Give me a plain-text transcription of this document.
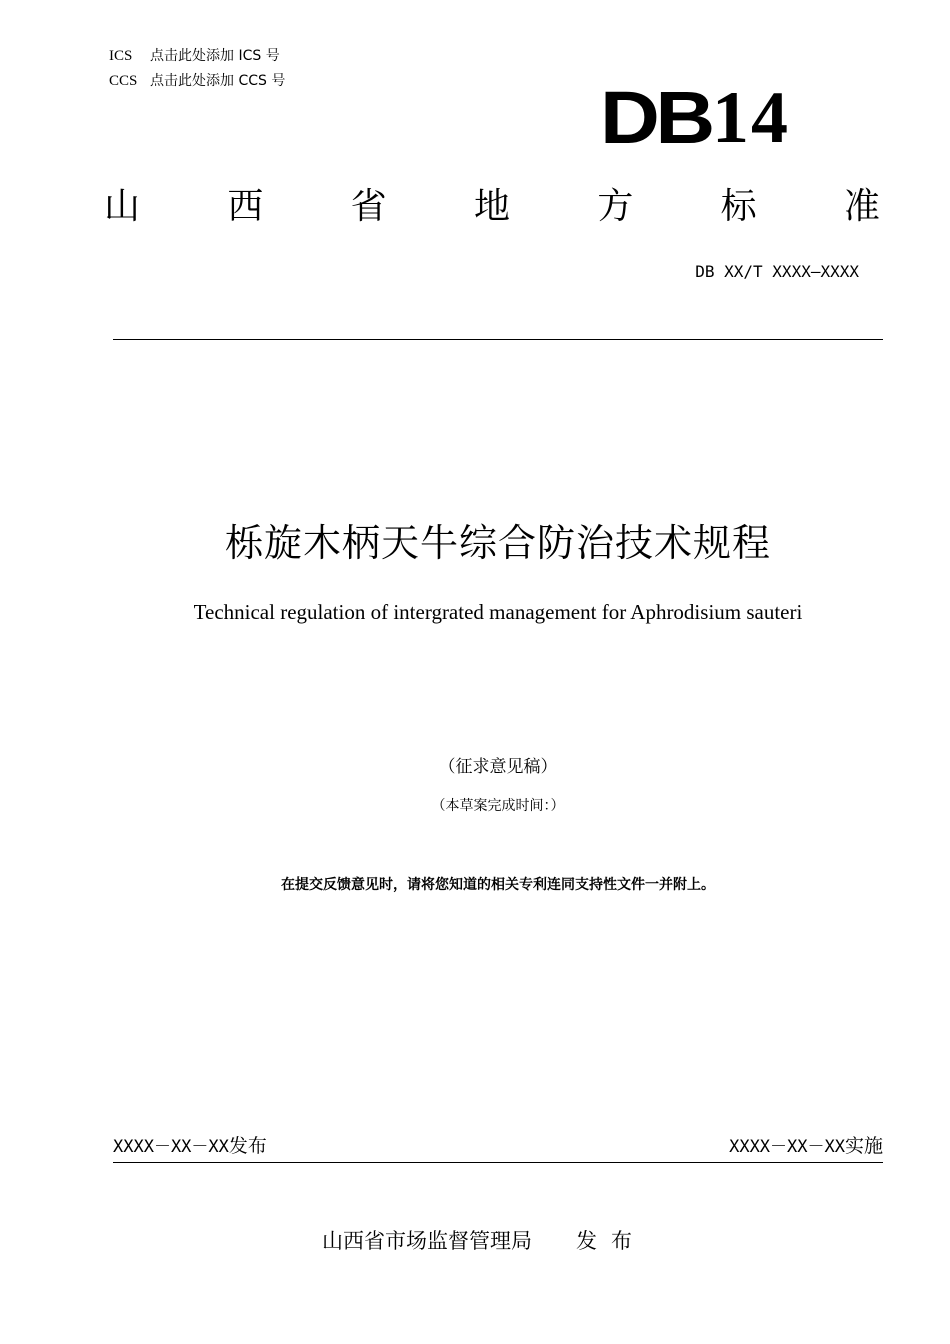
ICS 点击此处添加 ICS 号
CCS 点击此处添加 CCS 号	DB 14
山 西 省 地 方 标 准
DB XX/T XXXX—XXXX
栎旋木柄天牛综合防治技术规程
Technical regulation of intergrated management for Aphrodisium sauteri
（征求意见稿）
（本草案完成时间：）
在提交反馈意见时，请将您知道的相关专利连同支持性文件一并附上。
XXXX－XX－XX发布	XXXX－XX－XX实施
山西省市场监督管理局 发布
